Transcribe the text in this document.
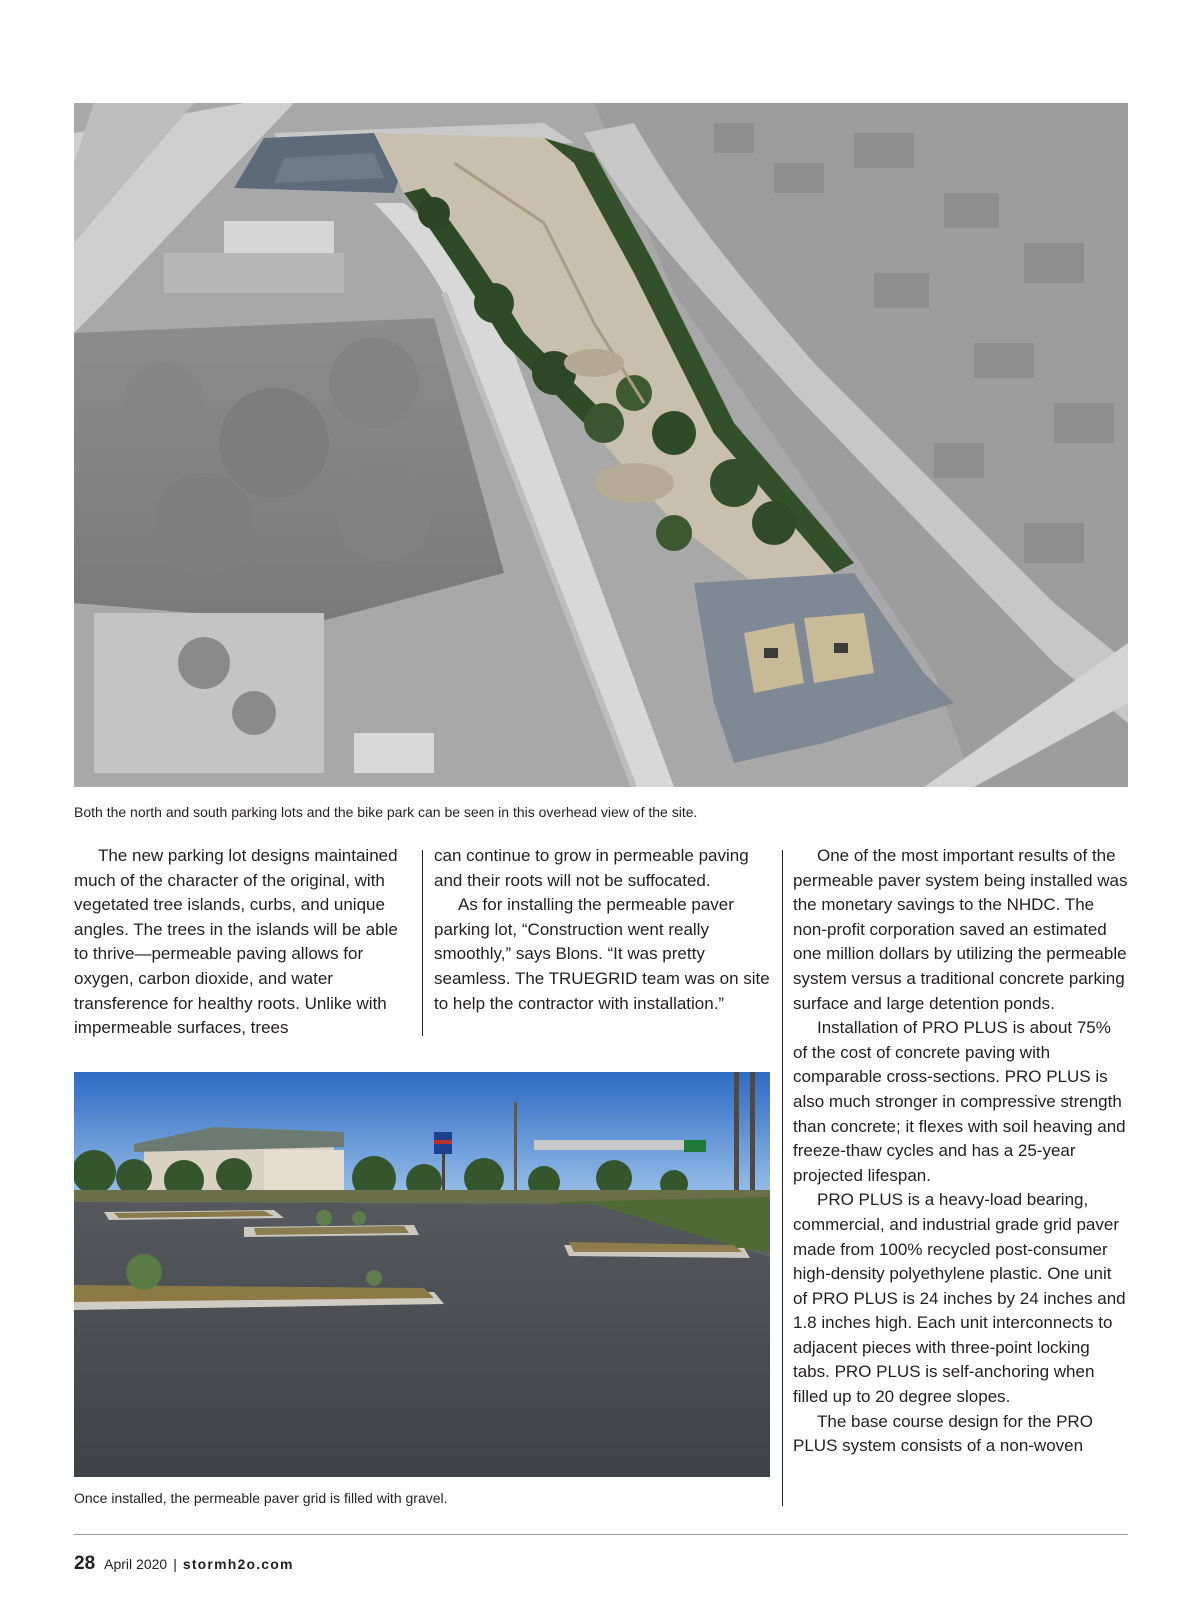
Both the north and south parking lots and the bike park can be seen in this overhead view of the site.

The new parking lot designs maintained much of the character of the original, with vegetated tree islands, curbs, and unique angles. The trees in the islands will be able to thrive—permeable paving allows for oxygen, carbon dioxide, and water transference for healthy roots. Unlike with impermeable surfaces, trees

can continue to grow in permeable paving and their roots will not be suffocated.

As for installing the permeable paver parking lot, “Construction went really smoothly,” says Blons. “It was pretty seamless. The TRUEGRID team was on site to help the contractor with installation.”

One of the most important results of the permeable paver system being installed was the monetary savings to the NHDC. The non-profit corporation saved an estimated one million dollars by utilizing the permeable system versus a traditional concrete parking surface and large detention ponds.

Installation of PRO PLUS is about 75% of the cost of concrete paving with comparable cross-sections. PRO PLUS is also much stronger in compressive strength than concrete; it flexes with soil heaving and freeze-thaw cycles and has a 25-year projected lifespan.

PRO PLUS is a heavy-load bearing, commercial, and industrial grade grid paver made from 100% recycled post-consumer high-density polyethylene plastic. One unit of PRO PLUS is 24 inches by 24 inches and 1.8 inches high. Each unit interconnects to adjacent pieces with three-point locking tabs. PRO PLUS is self-anchoring when filled up to 20 degree slopes.

The base course design for the PRO PLUS system consists of a non-woven

Once installed, the permeable paver grid is filled with gravel.
28 April 2020 | stormh2o.com
